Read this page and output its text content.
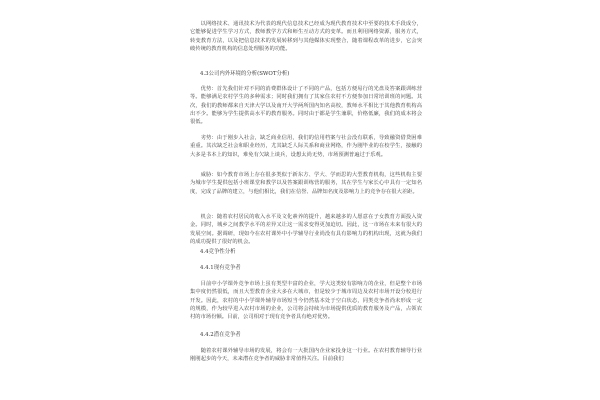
以网络技术、通讯技术为代表的现代信息技术已经成为现代教育技术中至要的技术手段成分，它能够促进学生学习方式，教师教学方式和师生互动方式的变革。而且利用网络资源，服务方式，转变教育方法，以及把信息技术的发展转移到与其他媒体实现整合，随着课程改革的进步，它会突破传统的教育机构的信息处理服务的功能。

4.3公司内外环境的分析(SWOT分析)

优势：首先我们针对不同的消费群体设计了不同的产品，包括方便易行的光盘及答案跟训练营等。能够满足农村学生的多种需求；同时我们拥有了其家住农村不方便参加日常培训班的问题。其次，我们的教师都来自天津大学以及南开大学两所国内知名高校，教师水平相比于其他教育机构高出不少。能够为学生提供高水平的教育服务。同时由于都是学生兼职，价格低廉，我们的成本将会很低。

劣势：由于刚步入社会，缺乏商业信用，我们的信用档案与社会没有联系，导致融资借贷困难重重。其次缺乏社会和职业经历，尤其缺乏人际关系和商业网络，作为刚毕业的在校学生，接触的大多是书本上的知识，难免有欠缺上谈兵，设想太尚无势，市场预测普遍过于乐观。

威胁：如今教育市场上存在很多类似于新东方、学大、学而思的大型教育机构，这些机构主要为城市学生提供包括小班课堂和教学以及答案跟训练营的服务，其在学生与家长心中具有一定知名度，完成了品牌的建立，与他们相比，我们在信誉、品牌知名度及影响力上的竞争存在很大差距。

机会：随着农村居民的收入水平及文化素养的提升，越来越多的人愿意在子女教育方面投入资金。同时，城乡之间教学水平的差异又让这一需求变得更加迫切。因此，这一市场在未来有很大的发展空间。据调研，现如今在农村课外中小学辅导行业尚没有具有影响力的机构出现，这就为我们的成功提供了很好的机会。

4.4竞争性分析
4.4.1现有竞争者

目前中小学课外竞争市场上虽有类型丰富的企业，学大这类较有影响力的企业，但是整个市场集中度仍然很低，而且大型教育企业大多在大城市，但是较少于城市周边及农村市场开设分校进行开发。因此，农村的中小学课外辅导市场短当今仍然基本处于空白状态，同类竞争者尚未形成一定的规模，作为较早进入农村市场的企业，公司将会持续为市场提供优质的教育服务及产品，占领农村的市场份额。目前，公司相对于现有竞争者具有绝对优势。

4.4.2潜在竞争者

随着农村课外辅导市场的发展，将会有一大批国内企业家投身这一行业。在农村教育辅导行业刚刚起步的今天，未来潜在竞争者的威胁非常值得关注。目前我们
